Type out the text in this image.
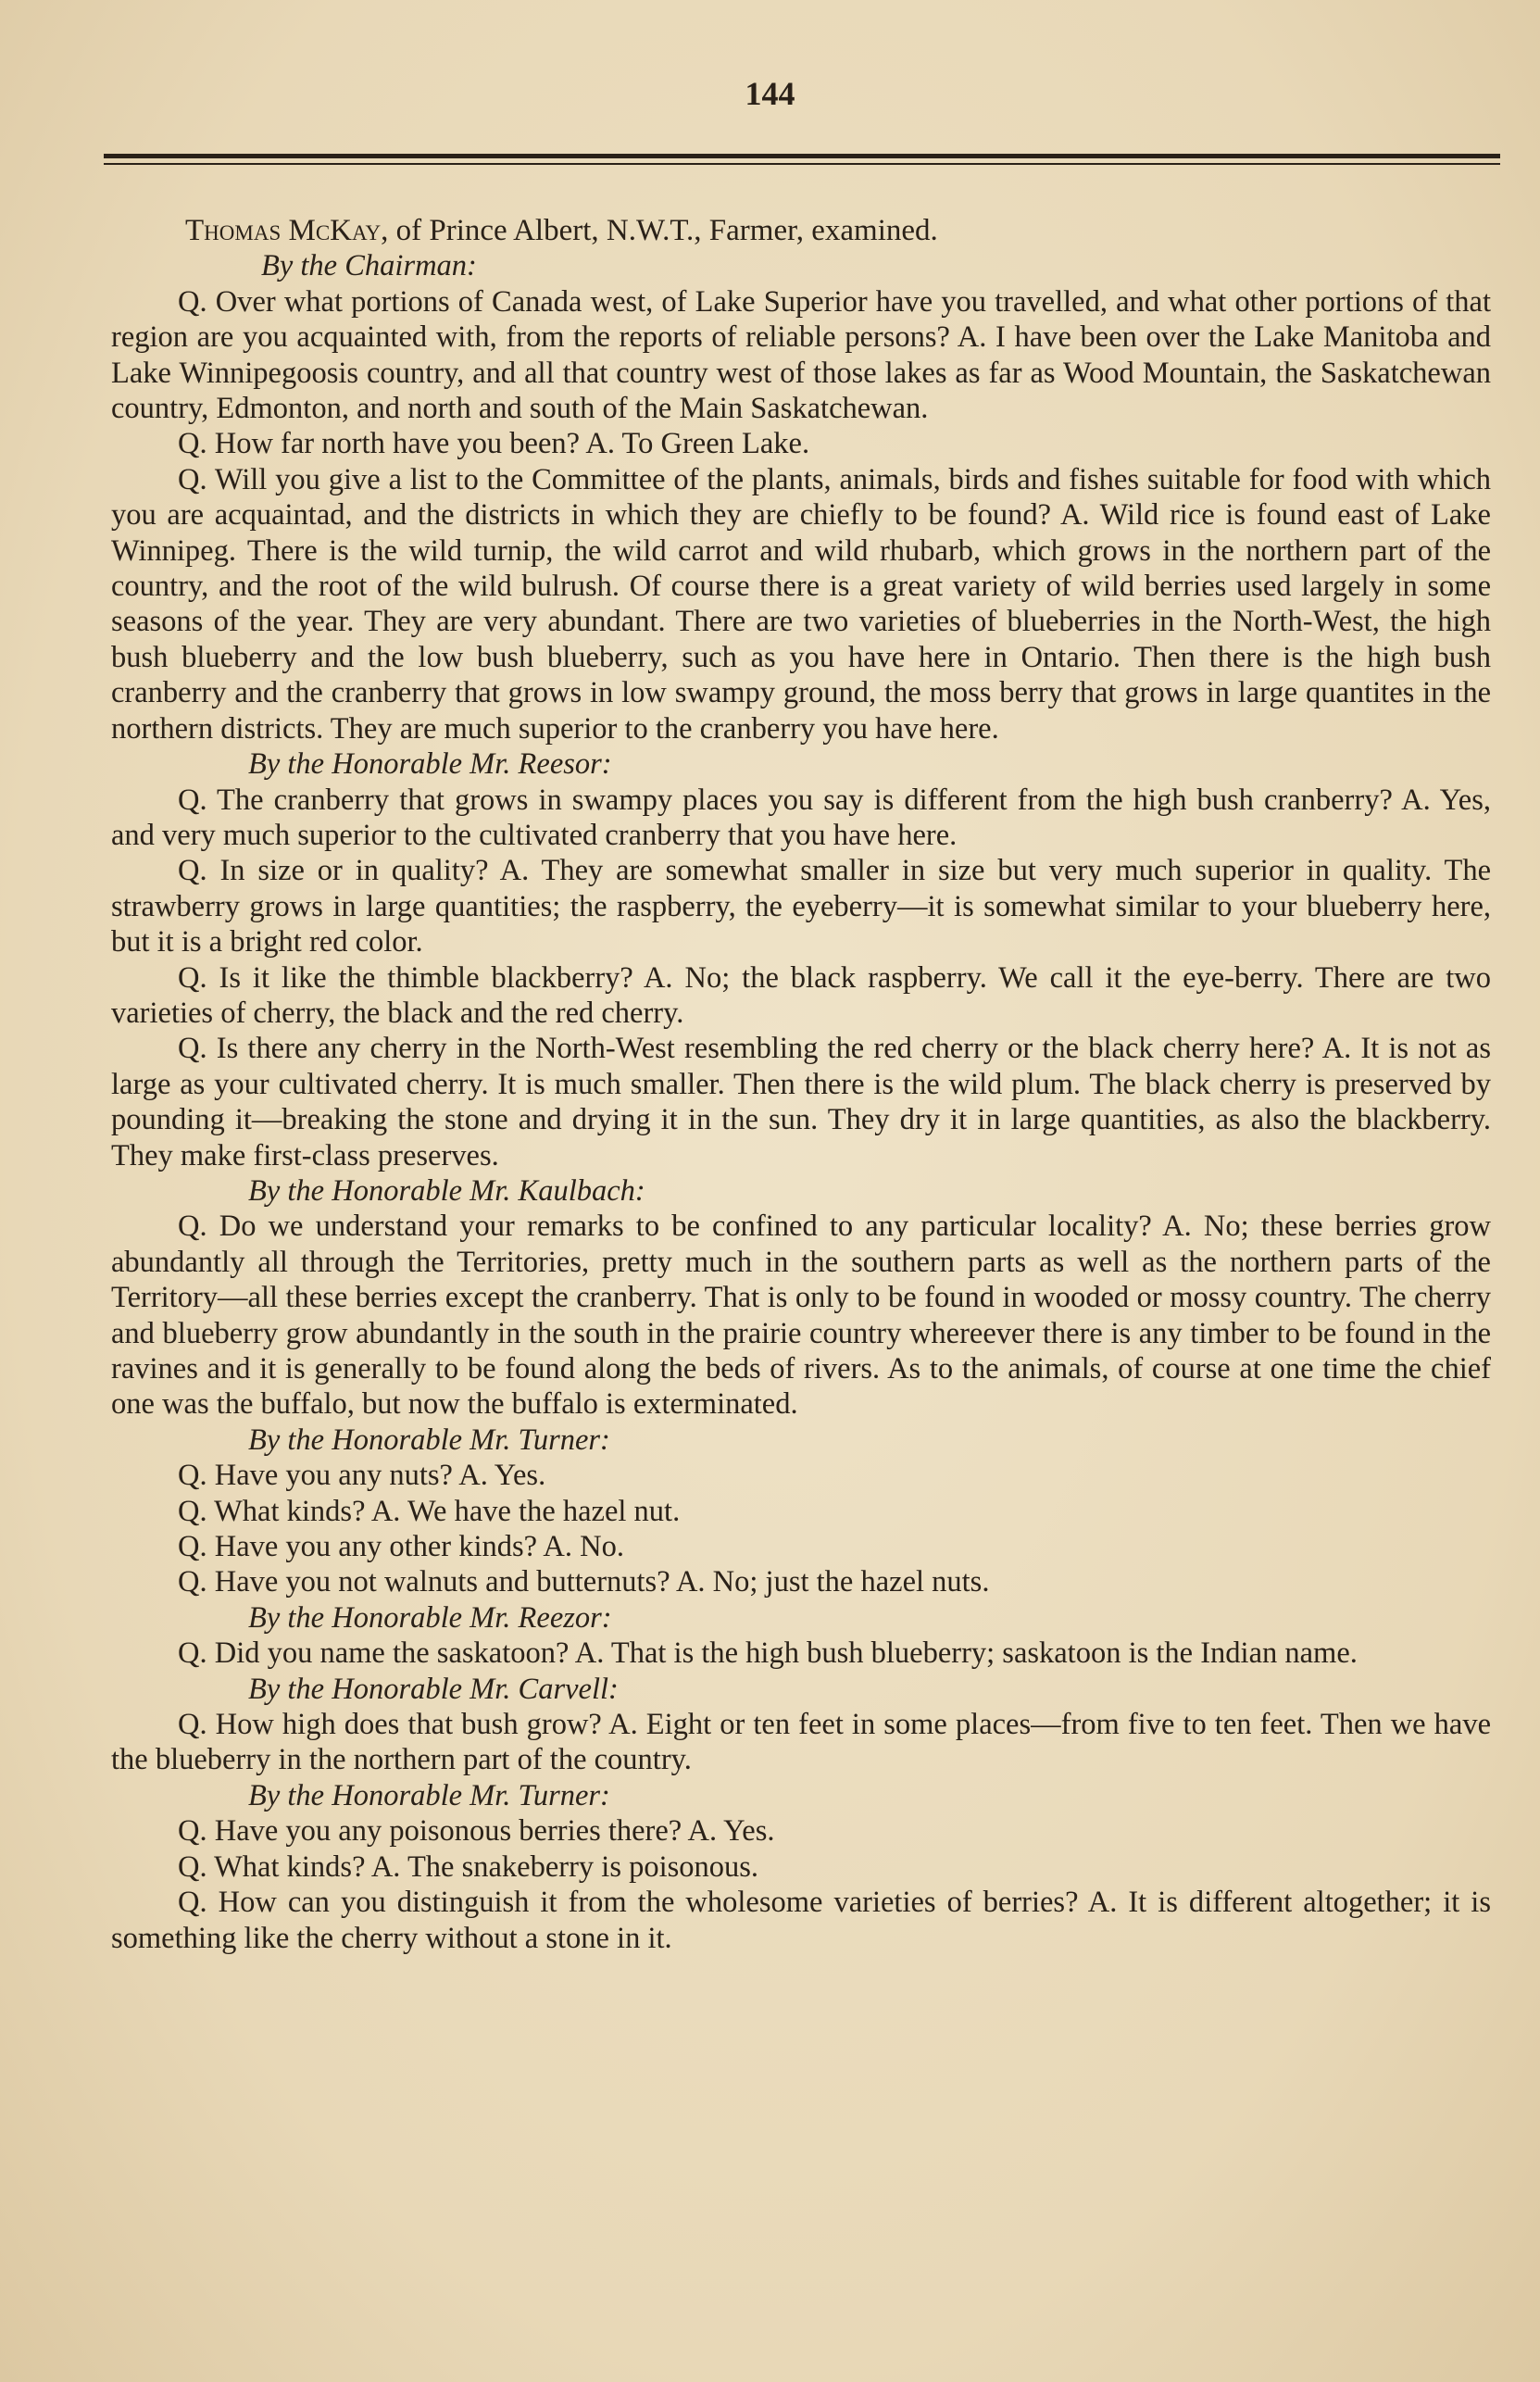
144

Thomas McKay, of Prince Albert, N.W.T., Farmer, examined.

By the Chairman:

Q. Over what portions of Canada west, of Lake Superior have you travelled, and what other portions of that region are you acquainted with, from the reports of reliable persons? A. I have been over the Lake Manitoba and Lake Winnipegoosis country, and all that country west of those lakes as far as Wood Mountain, the Saskatchewan country, Edmonton, and north and south of the Main Saskatchewan.

Q. How far north have you been? A. To Green Lake.

Q. Will you give a list to the Committee of the plants, animals, birds and fishes suitable for food with which you are acquaintad, and the districts in which they are chiefly to be found? A. Wild rice is found east of Lake Winnipeg. There is the wild turnip, the wild carrot and wild rhubarb, which grows in the northern part of the country, and the root of the wild bulrush. Of course there is a great variety of wild berries used largely in some seasons of the year. They are very abundant. There are two varieties of blueberries in the North-West, the high bush blueberry and the low bush blueberry, such as you have here in Ontario. Then there is the high bush cranberry and the cranberry that grows in low swampy ground, the moss berry that grows in large quantites in the northern districts. They are much superior to the cranberry you have here.

By the Honorable Mr. Reesor:

Q. The cranberry that grows in swampy places you say is different from the high bush cranberry? A. Yes, and very much superior to the cultivated cranberry that you have here.

Q. In size or in quality? A. They are somewhat smaller in size but very much superior in quality. The strawberry grows in large quantities; the raspberry, the eyeberry—it is somewhat similar to your blueberry here, but it is a bright red color.

Q. Is it like the thimble blackberry? A. No; the black raspberry. We call it the eye-berry. There are two varieties of cherry, the black and the red cherry.

Q. Is there any cherry in the North-West resembling the red cherry or the black cherry here? A. It is not as large as your cultivated cherry. It is much smaller. Then there is the wild plum. The black cherry is preserved by pounding it—breaking the stone and drying it in the sun. They dry it in large quantities, as also the blackberry. They make first-class preserves.

By the Honorable Mr. Kaulbach:

Q. Do we understand your remarks to be confined to any particular locality? A. No; these berries grow abundantly all through the Territories, pretty much in the southern parts as well as the northern parts of the Territory—all these berries except the cranberry. That is only to be found in wooded or mossy country. The cherry and blueberry grow abundantly in the south in the prairie country whereever there is any timber to be found in the ravines and it is generally to be found along the beds of rivers. As to the animals, of course at one time the chief one was the buffalo, but now the buffalo is exterminated.

By the Honorable Mr. Turner:

Q. Have you any nuts? A. Yes.

Q. What kinds? A. We have the hazel nut.

Q. Have you any other kinds? A. No.

Q. Have you not walnuts and butternuts? A. No; just the hazel nuts.

By the Honorable Mr. Reezor:

Q. Did you name the saskatoon? A. That is the high bush blueberry; saskatoon is the Indian name.

By the Honorable Mr. Carvell:

Q. How high does that bush grow? A. Eight or ten feet in some places—from five to ten feet. Then we have the blueberry in the northern part of the country.

By the Honorable Mr. Turner:

Q. Have you any poisonous berries there? A. Yes.

Q. What kinds? A. The snakeberry is poisonous.

Q. How can you distinguish it from the wholesome varieties of berries? A. It is different altogether; it is something like the cherry without a stone in it.
